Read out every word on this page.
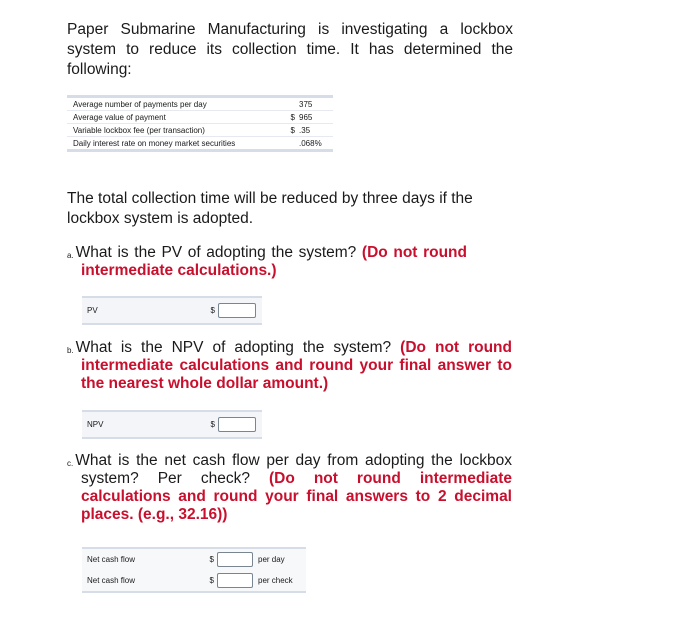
Paper Submarine Manufacturing is investigating a lockbox system to reduce its collection time. It has determined the following:
Average number of payments per day	375
Average value of payment	$ 965
Variable lockbox fee (per transaction)	$ .35
Daily interest rate on money market securities	.068%
The total collection time will be reduced by three days if the lockbox system is adopted.
$^{a.}$ What is the PV of adopting the system? (Do not round intermediate calculations.)
PV	$
$^{b.}$ What is the NPV of adopting the system? (Do not round intermediate calculations and round your final answer to the nearest whole dollar amount.)
NPV	$
$^{c.}$ What is the net cash flow per day from adopting the lockbox system? Per check? (Do not round intermediate calculations and round your final answers to 2 decimal places. (e.g., 32.16))
Net cash flow	$	per day
Net cash flow	$	per check
